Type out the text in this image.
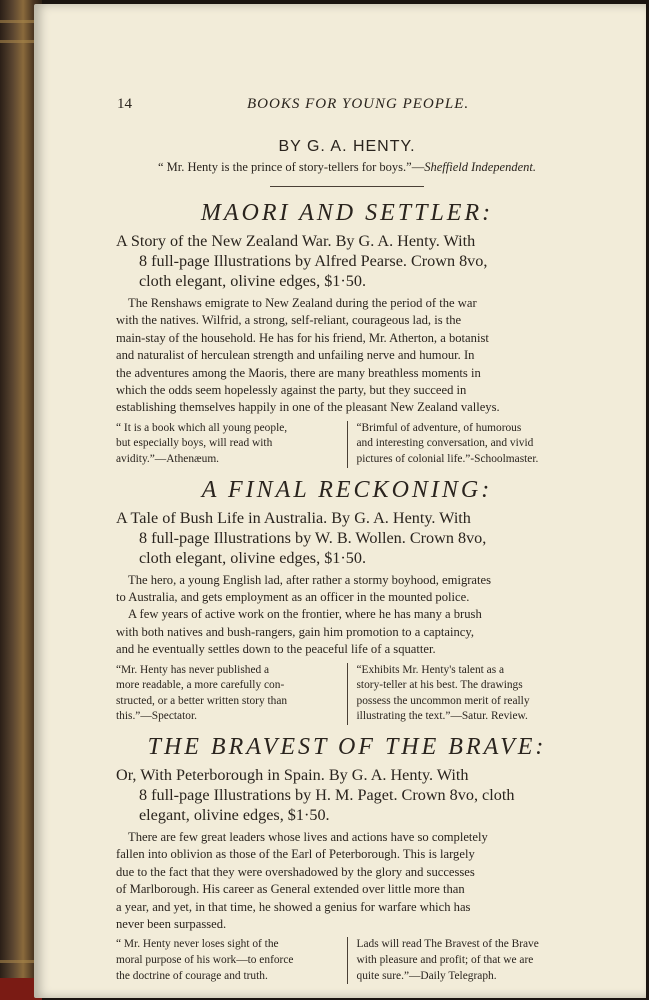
14	BOOKS FOR YOUNG PEOPLE.

BY G. A. HENTY.

“ Mr. Henty is the prince of story-tellers for boys.”—Sheffield Independent.

MAORI AND SETTLER:
A Story of the New Zealand War. By G. A. Henty. With
8 full-page Illustrations by Alfred Pearse. Crown 8vo,
cloth elegant, olivine edges, $1·50.
The Renshaws emigrate to New Zealand during the period of the war
with the natives. Wilfrid, a strong, self-reliant, courageous lad, is the
main-stay of the household. He has for his friend, Mr. Atherton, a botanist
and naturalist of herculean strength and unfailing nerve and humour. In
the adventures among the Maoris, there are many breathless moments in
which the odds seem hopelessly against the party, but they succeed in
establishing themselves happily in one of the pleasant New Zealand valleys.
“ It is a book which all young people,
but especially boys, will read with
avidity.”—Athenæum.
“Brimful of adventure, of humorous
and interesting conversation, and vivid
pictures of colonial life.”-Schoolmaster.
A FINAL RECKONING:
A Tale of Bush Life in Australia. By G. A. Henty. With
8 full-page Illustrations by W. B. Wollen. Crown 8vo,
cloth elegant, olivine edges, $1·50.
The hero, a young English lad, after rather a stormy boyhood, emigrates
to Australia, and gets employment as an officer in the mounted police.
A few years of active work on the frontier, where he has many a brush
with both natives and bush-rangers, gain him promotion to a captaincy,
and he eventually settles down to the peaceful life of a squatter.
“Mr. Henty has never published a
more readable, a more carefully con-
structed, or a better written story than
this.”—Spectator.
“Exhibits Mr. Henty's talent as a
story-teller at his best. The drawings
possess the uncommon merit of really
illustrating the text.”—Satur. Review.
THE BRAVEST OF THE BRAVE:
Or, With Peterborough in Spain. By G. A. Henty. With
8 full-page Illustrations by H. M. Paget. Crown 8vo, cloth
elegant, olivine edges, $1·50.
There are few great leaders whose lives and actions have so completely
fallen into oblivion as those of the Earl of Peterborough. This is largely
due to the fact that they were overshadowed by the glory and successes
of Marlborough. His career as General extended over little more than
a year, and yet, in that time, he showed a genius for warfare which has
never been surpassed.
“ Mr. Henty never loses sight of the
moral purpose of his work—to enforce
the doctrine of courage and truth.
Lads will read The Bravest of the Brave
with pleasure and profit; of that we are
quite sure.”—Daily Telegraph.
